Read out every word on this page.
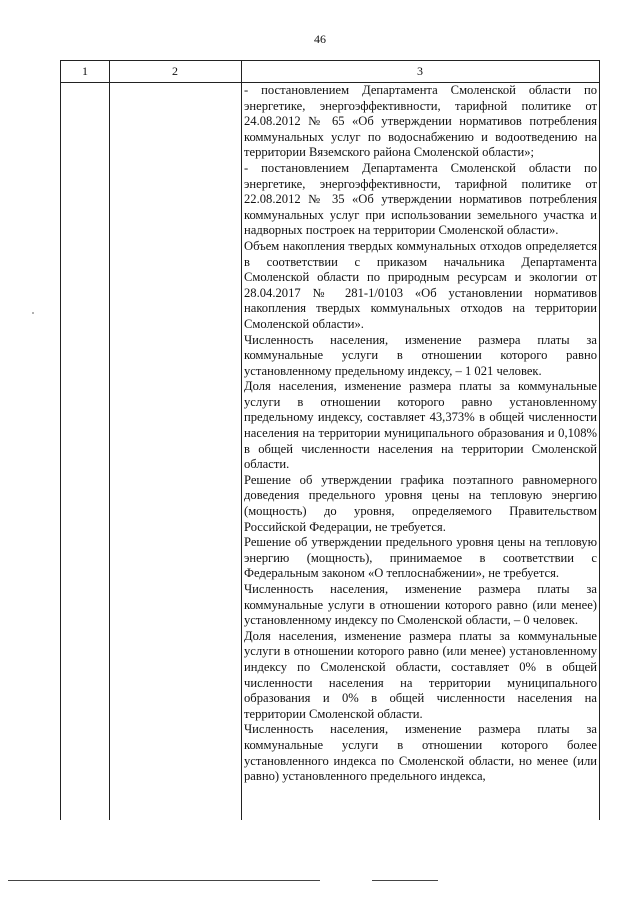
46
1	2	3

- постановлением Департамента Смоленской области по энергетике, энергоэффективности, тарифной политике от 24.08.2012 № 65 «Об утверждении нормативов потребления коммунальных услуг по водоснабжению и водоотведению на территории Вяземского района Смоленской области»;

- постановлением Департамента Смоленской области по энергетике, энергоэффективности, тарифной политике от 22.08.2012 № 35 «Об утверждении нормативов потребления коммунальных услуг при использовании земельного участка и надворных построек на территории Смоленской области».

Объем накопления твердых коммунальных отходов определяется в соответствии с приказом начальника Департамента Смоленской области по природным ресурсам и экологии от 28.04.2017 № 281-1/0103 «Об установлении нормативов накопления твердых коммунальных отходов на территории Смоленской области».

Численность населения, изменение размера платы за коммунальные услуги в отношении которого равно установленному предельному индексу, – 1 021 человек.

Доля населения, изменение размера платы за коммунальные услуги в отношении которого равно установленному предельному индексу, составляет 43,373% в общей численности населения на территории муниципального образования и 0,108% в общей численности населения на территории Смоленской области.

Решение об утверждении графика поэтапного равномерного доведения предельного уровня цены на тепловую энергию (мощность) до уровня, определяемого Правительством Российской Федерации, не требуется.

Решение об утверждении предельного уровня цены на тепловую энергию (мощность), принимаемое в соответствии с Федеральным законом «О теплоснабжении», не требуется.

Численность населения, изменение размера платы за коммунальные услуги в отношении которого равно (или менее) установленному индексу по Смоленской области, – 0 человек.

Доля населения, изменение размера платы за коммунальные услуги в отношении которого равно (или менее) установленному индексу по Смоленской области, составляет 0% в общей численности населения на территории муниципального образования и 0% в общей численности населения на территории Смоленской области.

Численность населения, изменение размера платы за коммунальные услуги в отношении которого более установленного индекса по Смоленской области, но менее (или равно) установленного предельного индекса,
